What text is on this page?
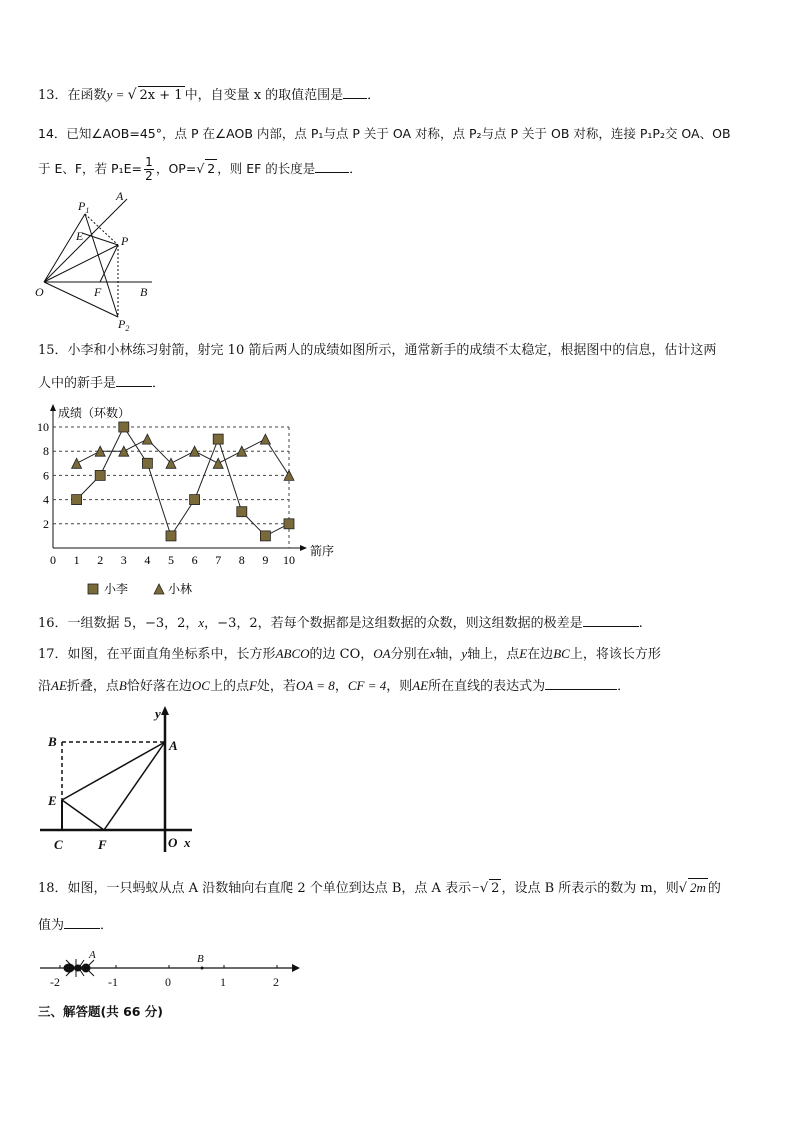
13．在函数y = √ 2x + 1 中，自变量 x 的取值范围是 ．
14．已知∠AOB=45°，点 P 在∠AOB 内部，点 P₁与点 P 关于 OA 对称，点 P₂与点 P 关于 OB 对称，连接 P₁P₂交 OA、OB
于 E、F，若 $P_1E= \frac{1}{2}$ ，OP=√ 2 ，则 EF 的长度是	．
$P_1$
A
E	P
O	F	B
$P_2$
15．小李和小林练习射箭，射完 10 箭后两人的成绩如图所示，通常新手的成绩不太稳定，根据图中的信息，估计这两
人中的新手是	．
成绩（环数）
箭序
2
4
6
8
10
0 1 2 3 4 5 6 7 8 9 10
小李	小林
16．一组数据 5，−3，2，x，−3，2，若每个数据都是这组数据的众数，则这组数据的极差是	.
17．如图，在平面直角坐标系中，长方形ABCO的边 CO，OA分别在x轴，y轴上，点E在边BC上，将该长方形
沿AE折叠，点B恰好落在边OC上的点F处，若OA = 8，CF = 4，则AE所在直线的表达式为	．
y
B	A
E
C	F	O x
18．如图，一只蚂蚁从点 A 沿数轴向右直爬 2 个单位到达点 B，点 A 表示−√ 2 ，设点 B 所表示的数为 m，则√ 2m 的
值为	．
-2	-1	0	1	2
A	B
三、解答题(共 66 分)
